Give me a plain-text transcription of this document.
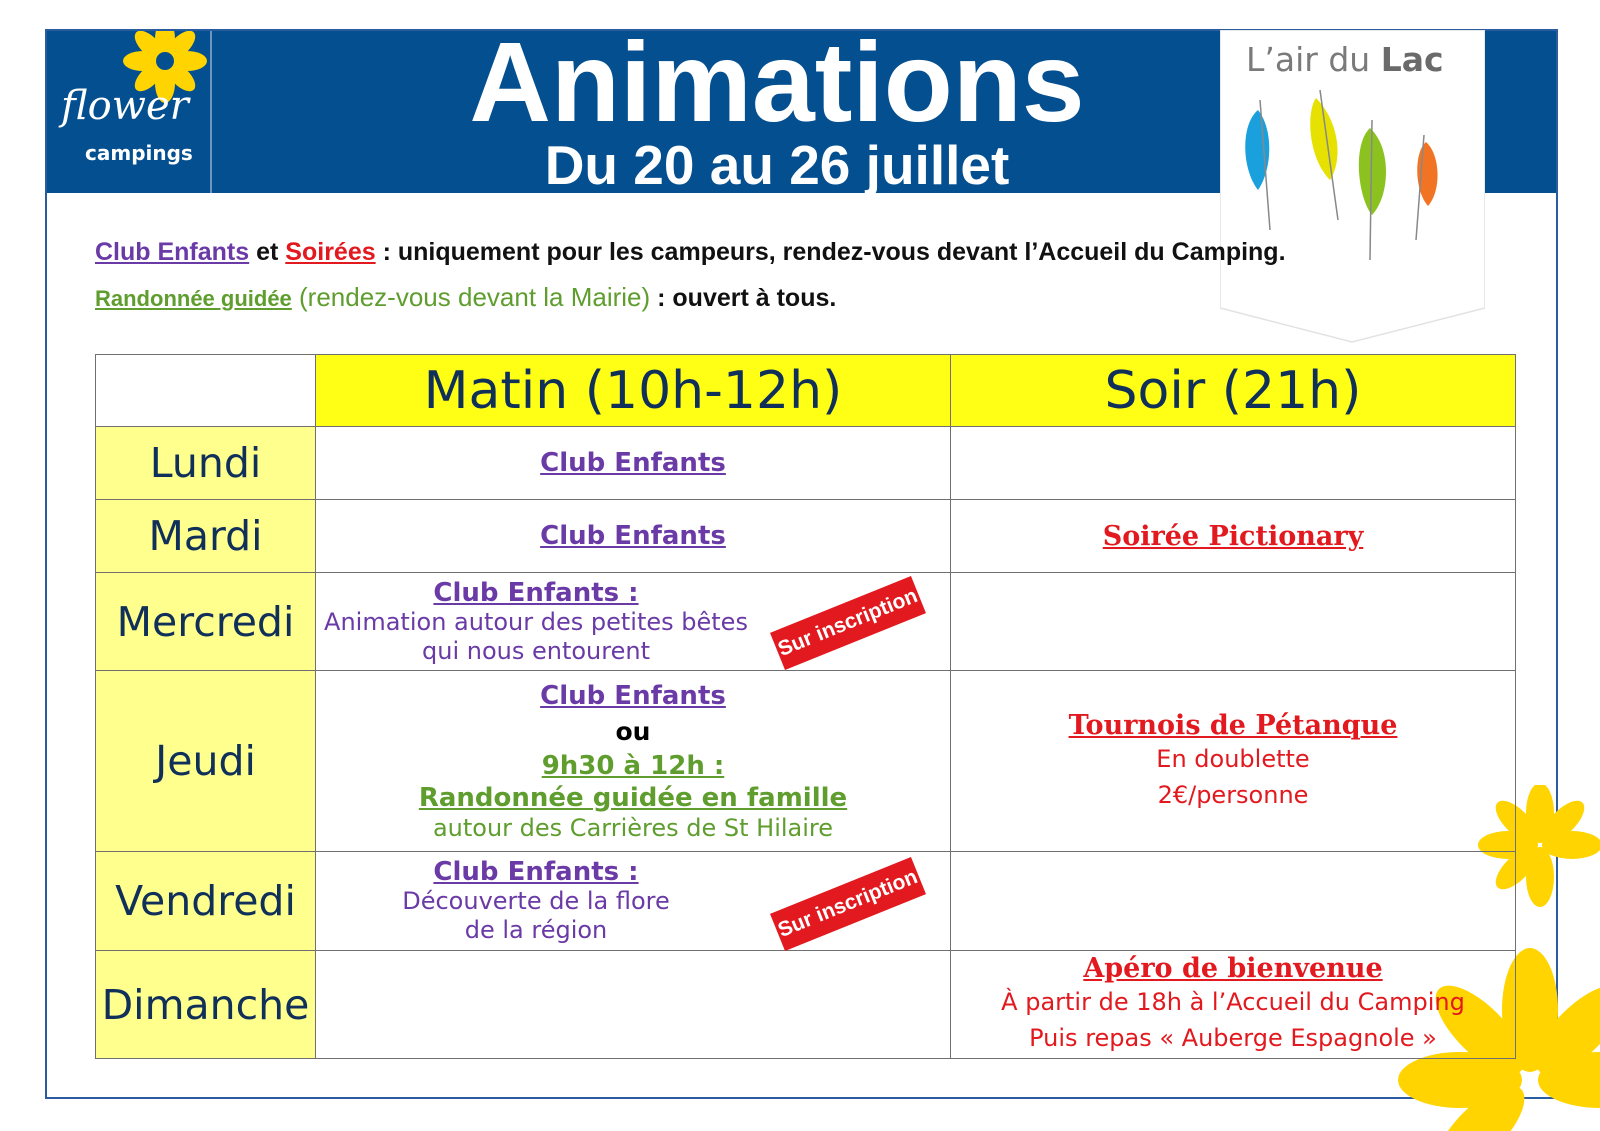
flower
campings
Animations
Du 20 au 26 juillet
L’air du Lac
Club Enfants et Soirées : uniquement pour les campeurs, rendez-vous devant l’Accueil du Camping.
Randonnée guidée (rendez-vous devant la Mairie) : ouvert à tous.
	Matin (10h-12h)	Soir (21h)
Lundi	Club Enfants	

Mardi	Club Enfants	Soirée Pictionary

Mercredi	Club Enfants :
Animation autour des petites bêtes
qui nous entourent Sur inscription	

Jeudi	Club Enfants
ou
9h30 à 12h :
Randonnée guidée en famille
autour des Carrières de St Hilaire	Tournois de Pétanque
En doublette
2€/personne

Vendredi	Club Enfants :
Découverte de la flore
de la région Sur inscription	

Dimanche		Apéro de bienvenue
À partir de 18h à l’Accueil du Camping
Puis repas « Auberge Espagnole »
